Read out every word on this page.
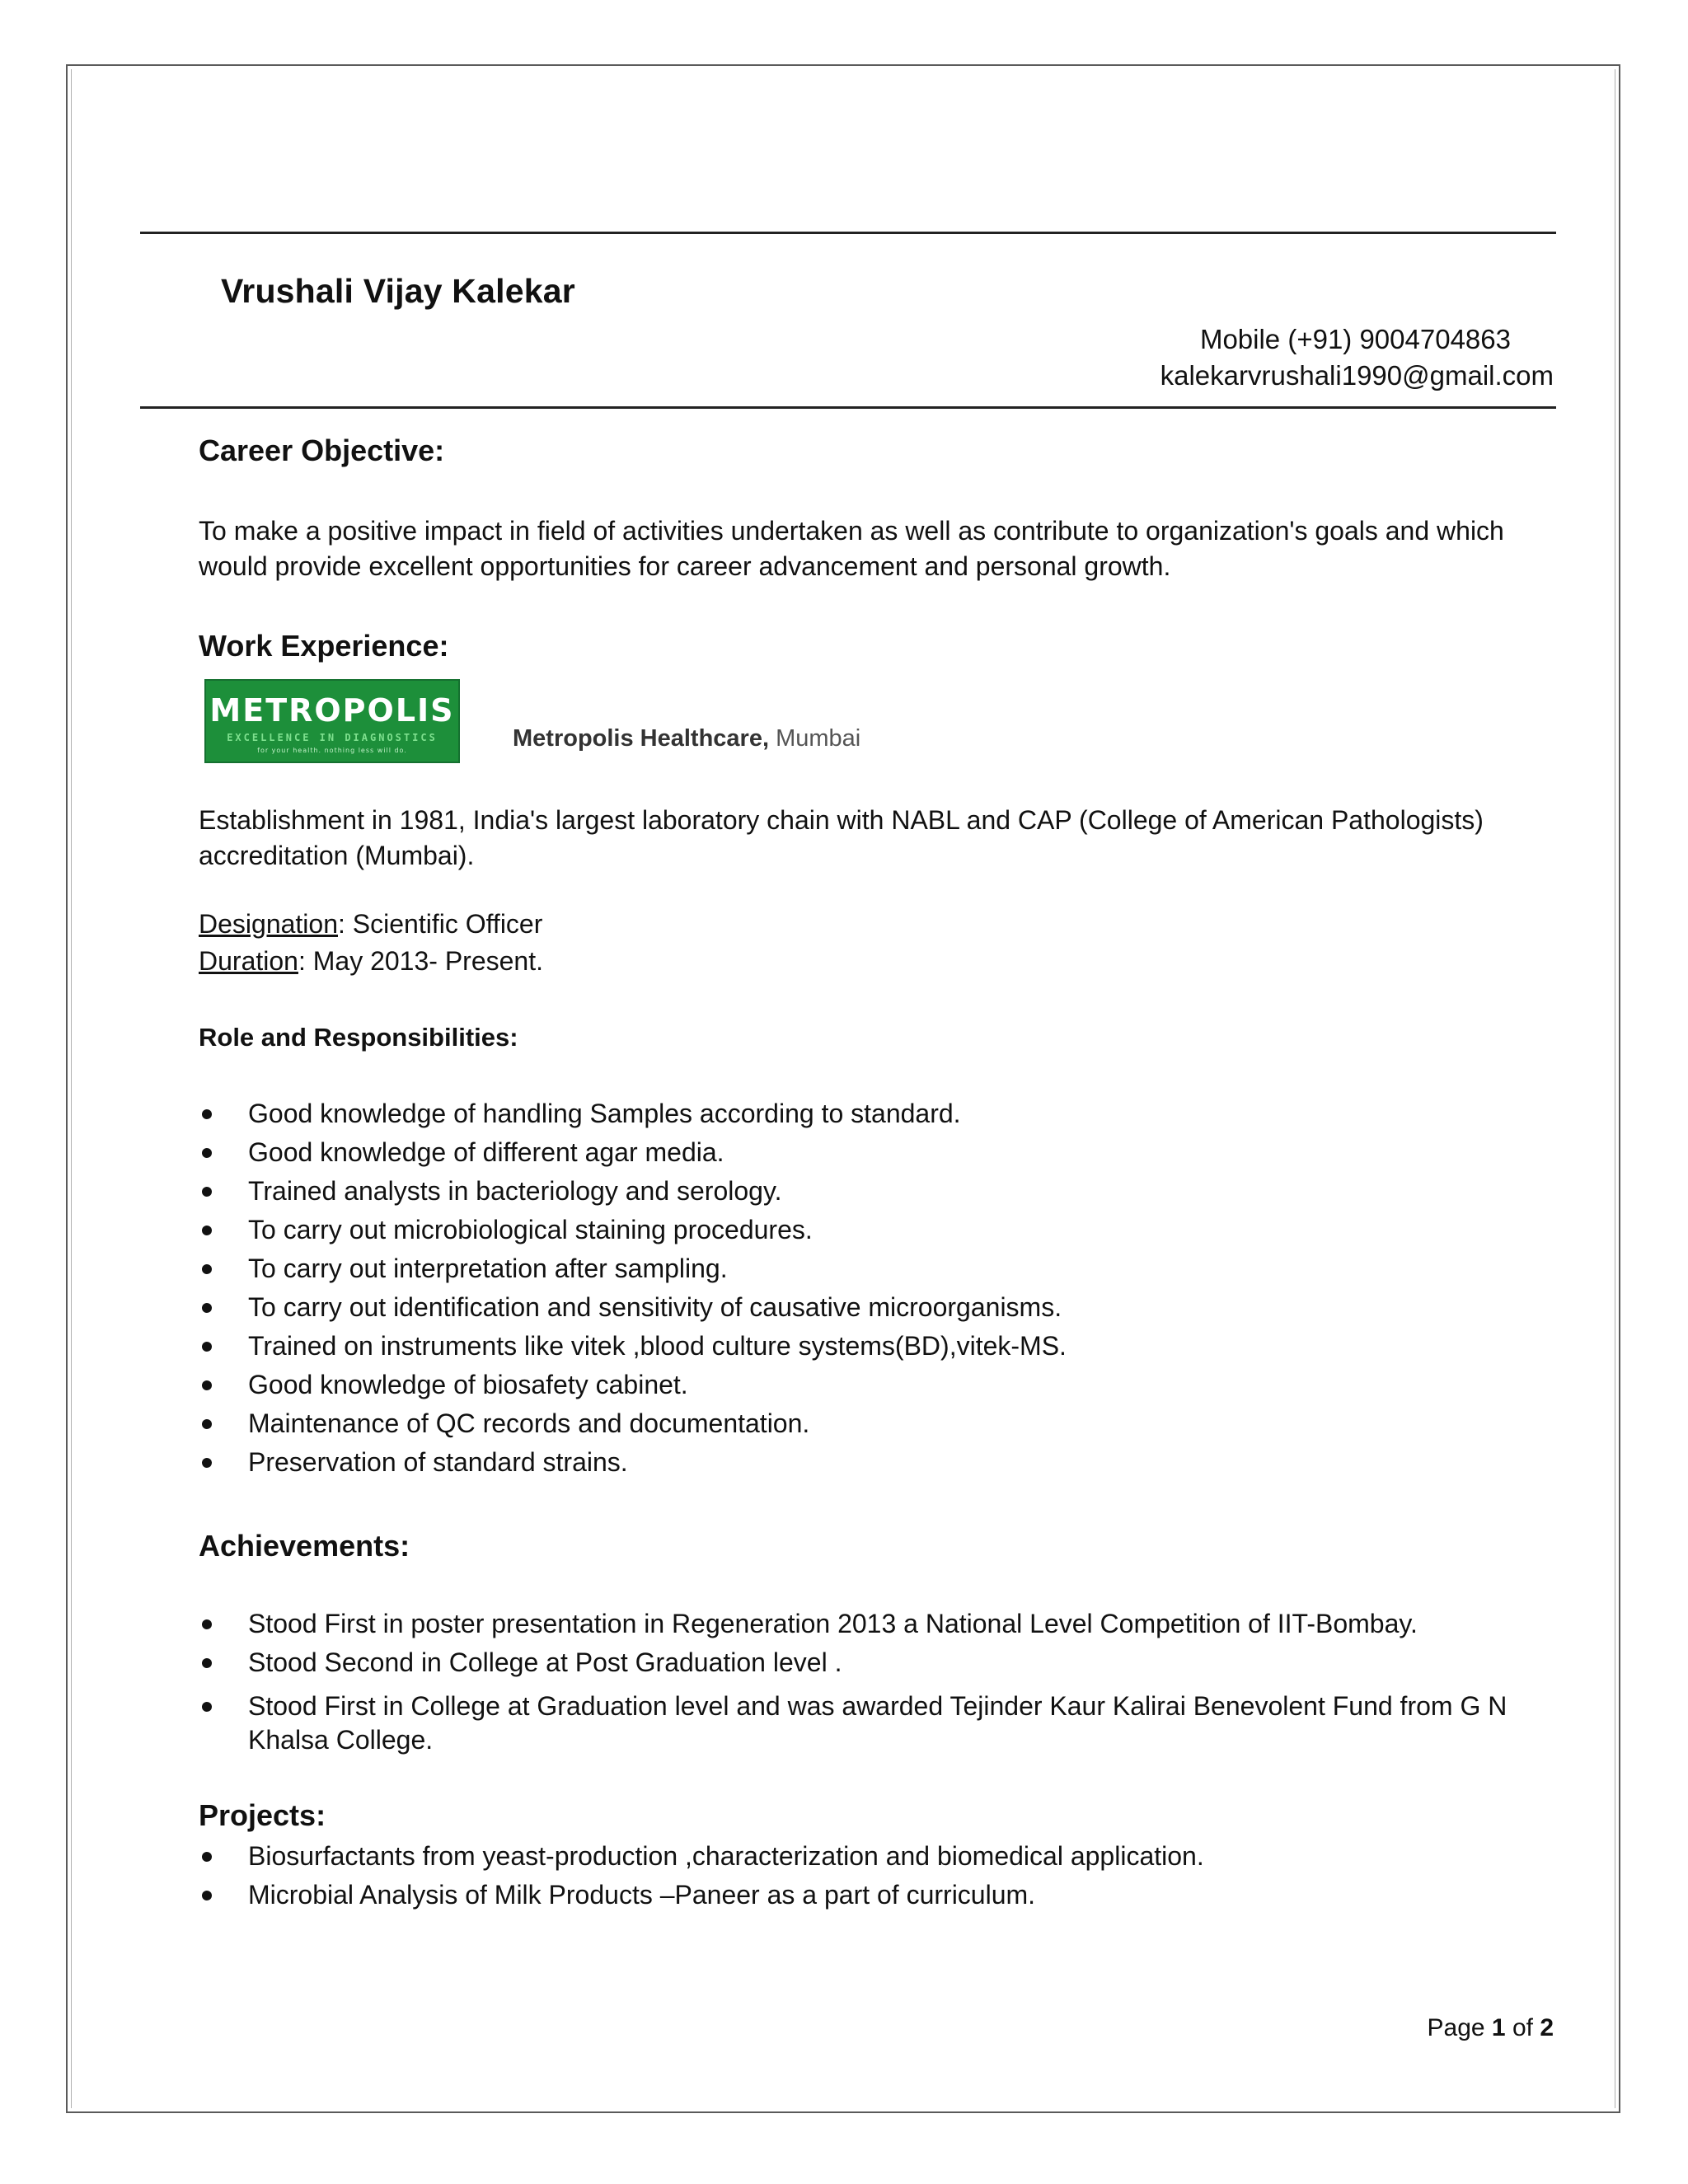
Vrushali Vijay Kalekar
Mobile (+91) 9004704863
kalekarvrushali1990@gmail.com
Career Objective:
To make a positive impact in field of activities undertaken as well as contribute to organization's goals and which would provide excellent opportunities for career advancement and personal growth.
Work Experience:
METROPOLIS
EXCELLENCE IN DIAGNOSTICS
for your health. nothing less will do.	Metropolis Healthcare, Mumbai
Establishment in 1981, India's largest laboratory chain with NABL and CAP (College of American Pathologists) accreditation (Mumbai).
Designation: Scientific Officer
Duration: May 2013- Present.
Role and Responsibilities:
Good knowledge of handling Samples according to standard.
Good knowledge of different agar media.
Trained analysts in bacteriology and serology.
To carry out microbiological staining procedures.
To carry out interpretation after sampling.
To carry out identification and sensitivity of causative microorganisms.
Trained on instruments like vitek ,blood culture systems(BD),vitek-MS.
Good knowledge of biosafety cabinet.
Maintenance of QC records and documentation.
Preservation of standard strains.
Achievements:
Stood First in poster presentation in Regeneration 2013 a National Level Competition of IIT-Bombay.
Stood Second in College at Post Graduation level .
Stood First in College at Graduation level and was awarded Tejinder Kaur Kalirai Benevolent Fund from G N Khalsa College.
Projects:
Biosurfactants from yeast-production ,characterization and biomedical application.
Microbial Analysis of Milk Products –Paneer as a part of curriculum.
Page 1 of 2
